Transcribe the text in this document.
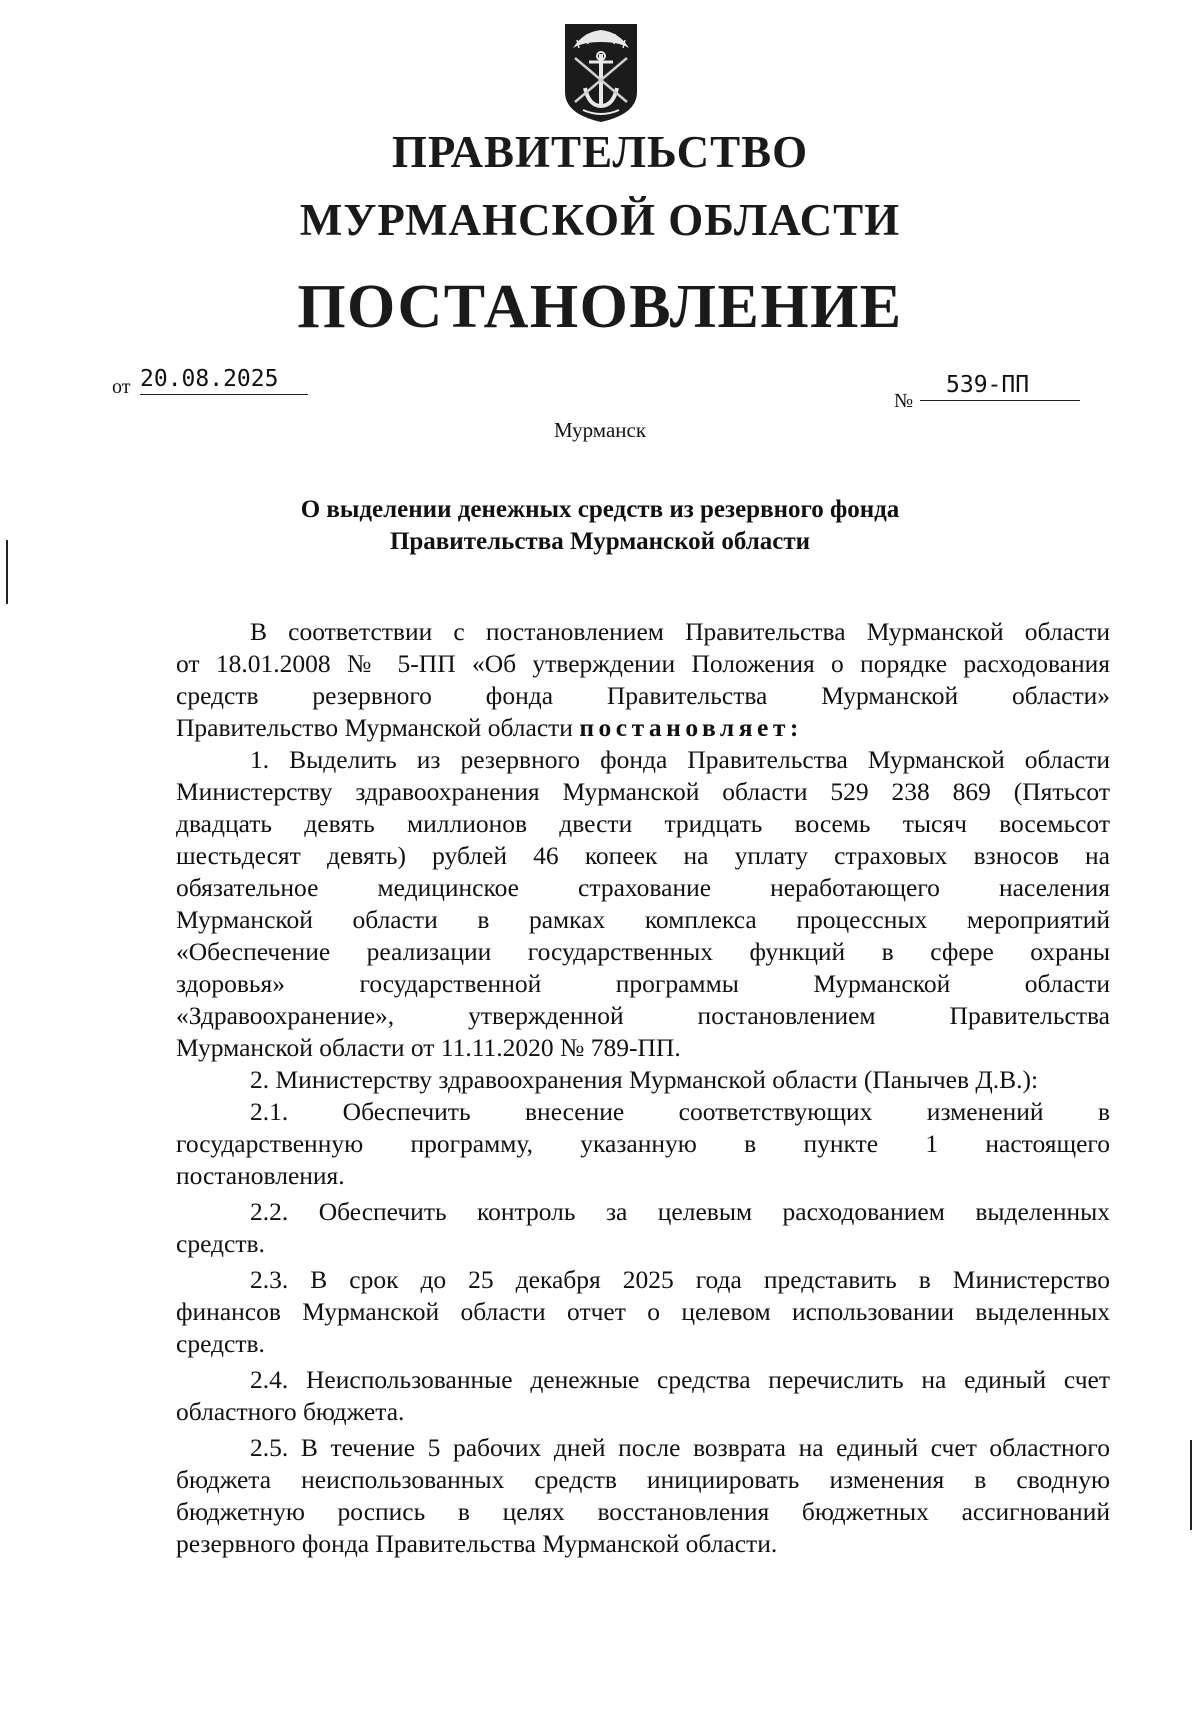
ПРАВИТЕЛЬСТВО
МУРМАНСКОЙ ОБЛАСТИ
ПОСТАНОВЛЕНИЕ
от 20.08.2025
№
539-ПП
Мурманск
О выделении денежных средств из резервного фонда
Правительства Мурманской области
В соответствии с постановлением Правительства Мурманской области
от 18.01.2008 № 5-ПП «Об утверждении Положения о порядке расходования
средств резервного фонда Правительства Мурманской области»
Правительство Мурманской области постановляет:
1. Выделить из резервного фонда Правительства Мурманской области
Министерству здравоохранения Мурманской области 529 238 869 (Пятьсот
двадцать девять миллионов двести тридцать восемь тысяч восемьсот
шестьдесят девять) рублей 46 копеек на уплату страховых взносов на
обязательное медицинское страхование неработающего населения
Мурманской области в рамках комплекса процессных мероприятий
«Обеспечение реализации государственных функций в сфере охраны
здоровья» государственной программы Мурманской области
«Здравоохранение», утвержденной постановлением Правительства
Мурманской области от 11.11.2020 № 789-ПП.
2. Министерству здравоохранения Мурманской области (Панычев Д.В.):
2.1. Обеспечить внесение соответствующих изменений в
государственную программу, указанную в пункте 1 настоящего
постановления.
2.2. Обеспечить контроль за целевым расходованием выделенных
средств.
2.3. В срок до 25 декабря 2025 года представить в Министерство
финансов Мурманской области отчет о целевом использовании выделенных
средств.
2.4. Неиспользованные денежные средства перечислить на единый счет
областного бюджета.
2.5. В течение 5 рабочих дней после возврата на единый счет областного
бюджета неиспользованных средств инициировать изменения в сводную
бюджетную роспись в целях восстановления бюджетных ассигнований
резервного фонда Правительства Мурманской области.
